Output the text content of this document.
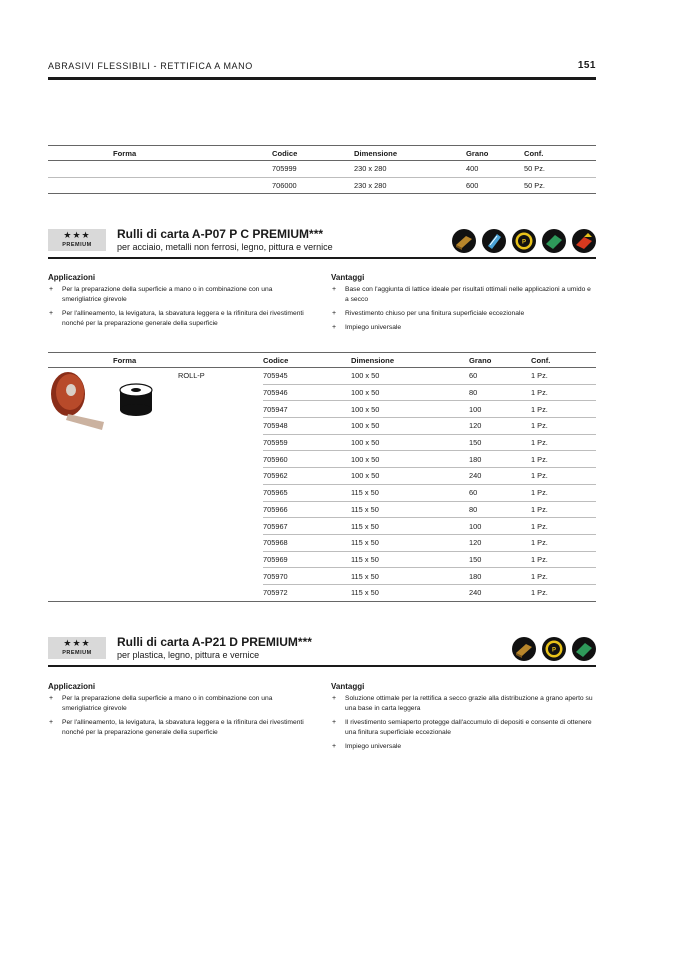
ABRASIVI FLESSIBILI - RETTIFICA A MANO	151
Forma	Codice	Dimensione	Grano	Conf.
	705999	230 x 280	400	50 Pz.
	706000	230 x 280	600	50 Pz.
★★★
PREMIUM
Rulli di carta A-P07 P C PREMIUM***
per acciaio, metalli non ferrosi, legno, pittura e vernice	P
Applicazioni
+ Per la preparazione della superficie a mano o in combinazione con una smerigliatrice girevole
+ Per l'allineamento, la levigatura, la sbavatura leggera e la rifinitura dei rivestimenti nonché per la preparazione generale della superficie
Vantaggi
+ Base con l'aggiunta di lattice ideale per risultati ottimali nelle applicazioni a umido e a secco
+ Rivestimento chiuso per una finitura superficiale eccezionale
+ Impiego universale
Forma	Codice	Dimensione	Grano	Conf.

ROLL-P	705945	100 x 50	60	1 Pz.
	705946	100 x 50	80	1 Pz.
	705947	100 x 50	100	1 Pz.
	705948	100 x 50	120	1 Pz.
	705959	100 x 50	150	1 Pz.
	705960	100 x 50	180	1 Pz.
	705962	100 x 50	240	1 Pz.
	705965	115 x 50	60	1 Pz.
	705966	115 x 50	80	1 Pz.
	705967	115 x 50	100	1 Pz.
	705968	115 x 50	120	1 Pz.
	705969	115 x 50	150	1 Pz.
	705970	115 x 50	180	1 Pz.
	705972	115 x 50	240	1 Pz.
★★★
PREMIUM
Rulli di carta A-P21 D PREMIUM***
per plastica, legno, pittura e vernice	P
Applicazioni
+ Per la preparazione della superficie a mano o in combinazione con una smerigliatrice girevole
+ Per l'allineamento, la levigatura, la sbavatura leggera e la rifinitura dei rivestimenti nonché per la preparazione generale della superficie
Vantaggi
+ Soluzione ottimale per la rettifica a secco grazie alla distribuzione a grano aperto su una base in carta leggera
+ Il rivestimento semiaperto protegge dall'accumulo di depositi e consente di ottenere una finitura superficiale eccezionale
+ Impiego universale
